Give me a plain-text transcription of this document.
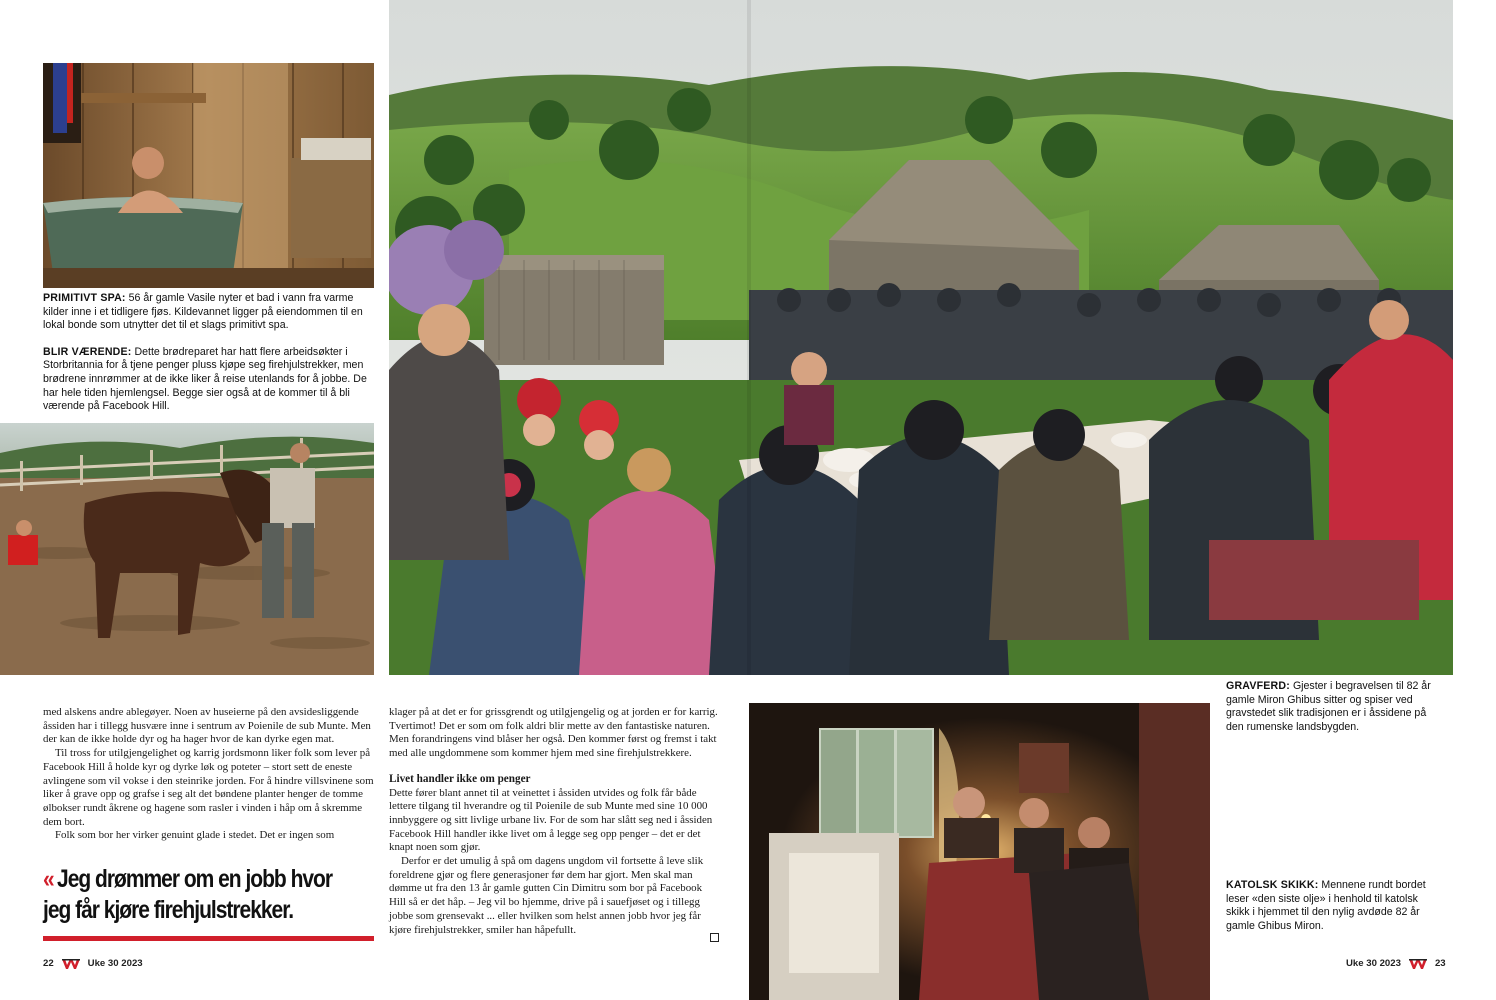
PRIMITIVT SPA: 56 år gamle Vasile nyter et bad i vann fra varme kilder inne i et tidligere fjøs. Kildevannet ligger på eiendommen til en lokal bonde som utnytter det til et slags primitivt spa.

BLIR VÆRENDE: Dette brødreparet har hatt flere arbeidsøkter i Storbritannia for å tjene penger pluss kjøpe seg firehjulstrekker, men brødrene innrømmer at de ikke liker å reise utenlands for å jobbe. De har hele tiden hjemlengsel. Begge sier også at de kommer til å bli værende på Facebook Hill.

GRAVFERD: Gjester i begravelsen til 82 år gamle Miron Ghibus sitter og spiser ved gravstedet slik tradisjonen er i åssidene på den rumenske landsbygden.

KATOLSK SKIKK: Mennene rundt bordet leser «den siste olje» i henhold til katolsk skikk i hjemmet til den nylig avdøde 82 år gamle Ghibus Miron.

med alskens andre ablegøyer. Noen av huseierne på den avsidesliggende åssiden har i tillegg husvære inne i sentrum av Poienile de sub Munte. Men der kan de ikke holde dyr og ha hager hvor de kan dyrke egen mat.

Til tross for utilgjengelighet og karrig jordsmonn liker folk som lever på Facebook Hill å holde kyr og dyrke løk og poteter – stort sett de eneste avlingene som vil vokse i den steinrike jorden. For å hindre villsvinene som liker å grave opp og grafse i seg alt det bøndene planter henger de tomme ølbokser rundt åkrene og hagene som rasler i vinden i håp om å skremme dem bort.

Folk som bor her virker genuint glade i stedet. Det er ingen som

« Jeg drømmer om en jobb hvor
jeg får kjøre firehjulstrekker.

klager på at det er for grissgrendt og utilgjengelig og at jorden er for karrig. Tvertimot! Det er som om folk aldri blir mette av den fantastiske naturen. Men forandringens vind blåser her også. Den kommer først og fremst i takt med alle ungdommene som kommer hjem med sine firehjulstrekkere.

Livet handler ikke om penger

Dette fører blant annet til at veinettet i åssiden utvides og folk får både lettere tilgang til hverandre og til Poienile de sub Munte med sine 10 000 innbyggere og sitt livlige urbane liv. For de som har slått seg ned i åssiden Facebook Hill handler ikke livet om å legge seg opp penger – det er det knapt noen som gjør.

Derfor er det umulig å spå om dagens ungdom vil fortsette å leve slik foreldrene gjør og flere generasjoner før dem har gjort. Men skal man dømme ut fra den 13 år gamle gutten Cin Dimitru som bor på Facebook Hill så er det håp. – Jeg vil bo hjemme, drive på i sauefjøset og i tillegg jobbe som grensevakt ... eller hvilken som helst annen jobb hvor jeg får kjøre firehjulstrekker, smiler han håpefullt.

22	Uke 30 2023	Uke 30 2023	23
